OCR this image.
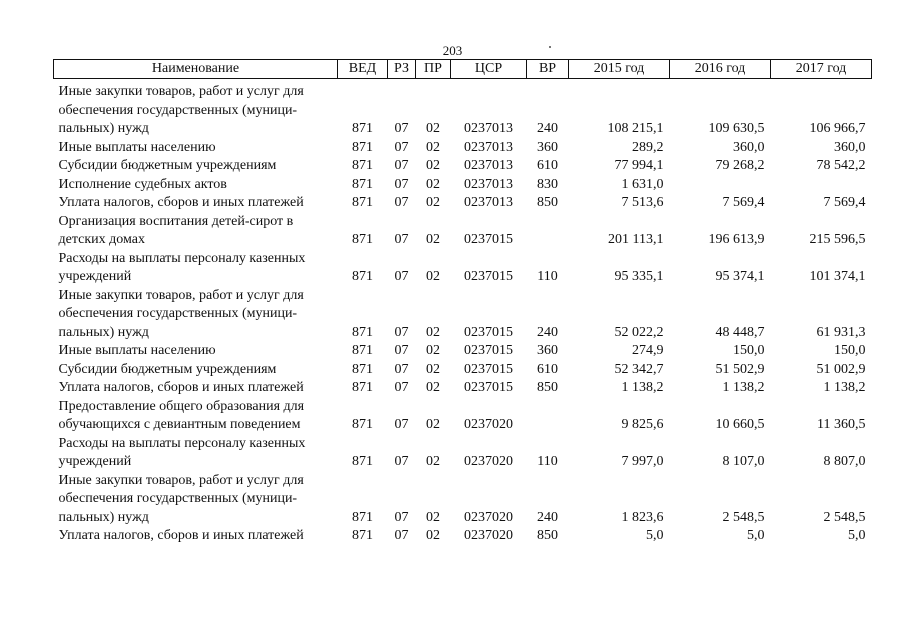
203
Наименование	ВЕД	РЗ	ПР	ЦСР	ВР	2015 год	2016 год	2017 год

Иные закупки товаров, работ и услуг для
обеспечения государственных (муници-
пальных) нужд	871	07	02	0237013	240	108 215,1	109 630,5	106 966,7

Иные выплаты населению	871	07	02	0237013	360	289,2	360,0	360,0

Субсидии бюджетным учреждениям	871	07	02	0237013	610	77 994,1	79 268,2	78 542,2

Исполнение судебных актов	871	07	02	0237013	830	1 631,0		

Уплата налогов, сборов и иных платежей	871	07	02	0237013	850	7 513,6	7 569,4	7 569,4

Организация воспитания детей-сирот в
детских домах	871	07	02	0237015		201 113,1	196 613,9	215 596,5

Расходы на выплаты персоналу казенных
учреждений	871	07	02	0237015	110	95 335,1	95 374,1	101 374,1

Иные закупки товаров, работ и услуг для
обеспечения государственных (муници-
пальных) нужд	871	07	02	0237015	240	52 022,2	48 448,7	61 931,3

Иные выплаты населению	871	07	02	0237015	360	274,9	150,0	150,0

Субсидии бюджетным учреждениям	871	07	02	0237015	610	52 342,7	51 502,9	51 002,9

Уплата налогов, сборов и иных платежей	871	07	02	0237015	850	1 138,2	1 138,2	1 138,2

Предоставление общего образования для
обучающихся с девиантным поведением	871	07	02	0237020		9 825,6	10 660,5	11 360,5

Расходы на выплаты персоналу казенных
учреждений	871	07	02	0237020	110	7 997,0	8 107,0	8 807,0

Иные закупки товаров, работ и услуг для
обеспечения государственных (муници-
пальных) нужд	871	07	02	0237020	240	1 823,6	2 548,5	2 548,5

Уплата налогов, сборов и иных платежей	871	07	02	0237020	850	5,0	5,0	5,0
